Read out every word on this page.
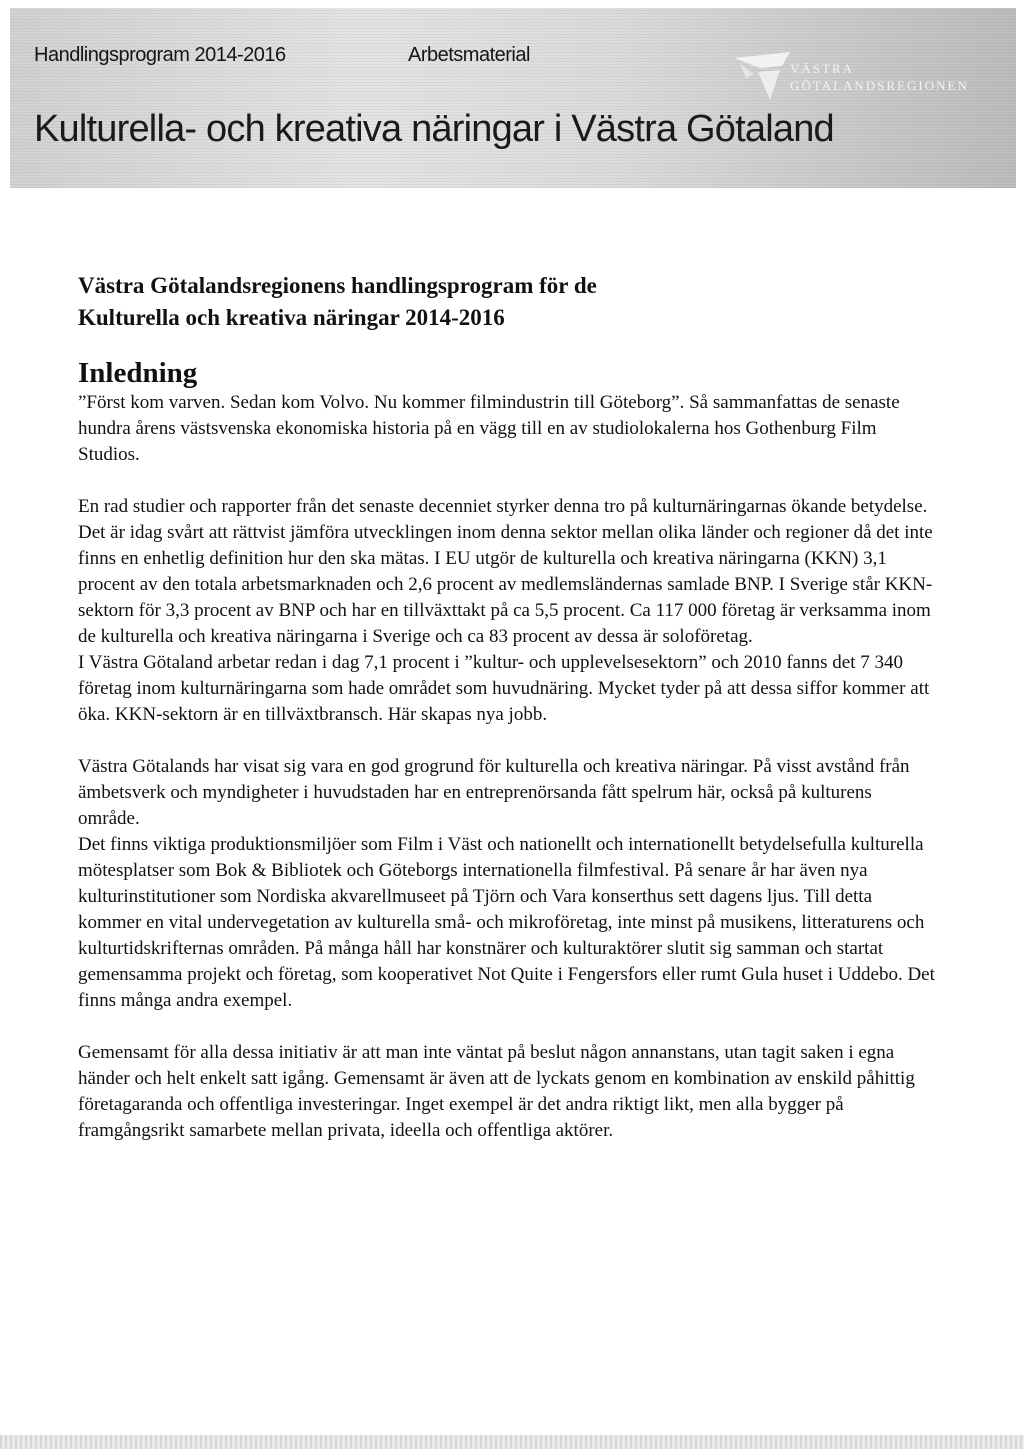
Handlingsprogram 2014-2016	Arbetsmaterial
VÄSTRA
GÖTALANDSREGIONEN
Kulturella- och kreativa näringar i Västra Götaland
Västra Götalandsregionens handlingsprogram för de
Kulturella och kreativa näringar 2014-2016
Inledning

”Först kom varven. Sedan kom Volvo. Nu kommer filmindustrin till Göteborg”. Så sammanfattas de senaste hundra årens västsvenska ekonomiska historia på en vägg till en av studiolokalerna hos Gothenburg Film Studios.

En rad studier och rapporter från det senaste decenniet styrker denna tro på kulturnäringarnas ökande betydelse. Det är idag svårt att rättvist jämföra utvecklingen inom denna sektor mellan olika länder och regioner då det inte finns en enhetlig definition hur den ska mätas. I EU utgör de kulturella och kreativa näringarna (KKN) 3,1 procent av den totala arbetsmarknaden och 2,6 procent av medlemsländernas samlade BNP. I Sverige står KKN-sektorn för 3,3 procent av BNP och har en tillväxttakt på ca 5,5 procent. Ca 117 000 företag är verksamma inom de kulturella och kreativa näringarna i Sverige och ca 83 procent av dessa är soloföretag.

I Västra Götaland arbetar redan i dag 7,1 procent i ”kultur- och upplevelsesektorn” och 2010 fanns det 7 340 företag inom kulturnäringarna som hade området som huvudnäring. Mycket tyder på att dessa siffor kommer att öka. KKN-sektorn är en tillväxtbransch. Här skapas nya jobb.

Västra Götalands har visat sig vara en god grogrund för kulturella och kreativa näringar. På visst avstånd från ämbetsverk och myndigheter i huvudstaden har en entreprenörsanda fått spelrum här, också på kulturens område.

Det finns viktiga produktionsmiljöer som Film i Väst och nationellt och internationellt betydelsefulla kulturella mötesplatser som Bok & Bibliotek och Göteborgs internationella filmfestival. På senare år har även nya kulturinstitutioner som Nordiska akvarellmuseet på Tjörn och Vara konserthus sett dagens ljus. Till detta kommer en vital undervegetation av kulturella små- och mikroföretag, inte minst på musikens, litteraturens och kulturtidskrifternas områden. På många håll har konstnärer och kulturaktörer slutit sig samman och startat gemensamma projekt och företag, som kooperativet Not Quite i Fengersfors eller rumt Gula huset i Uddebo. Det finns många andra exempel.

Gemensamt för alla dessa initiativ är att man inte väntat på beslut någon annanstans, utan tagit saken i egna händer och helt enkelt satt igång. Gemensamt är även att de lyckats genom en kombination av enskild påhittig företagaranda och offentliga investeringar. Inget exempel är det andra riktigt likt, men alla bygger på framgångsrikt samarbete mellan privata, ideella och offentliga aktörer.
